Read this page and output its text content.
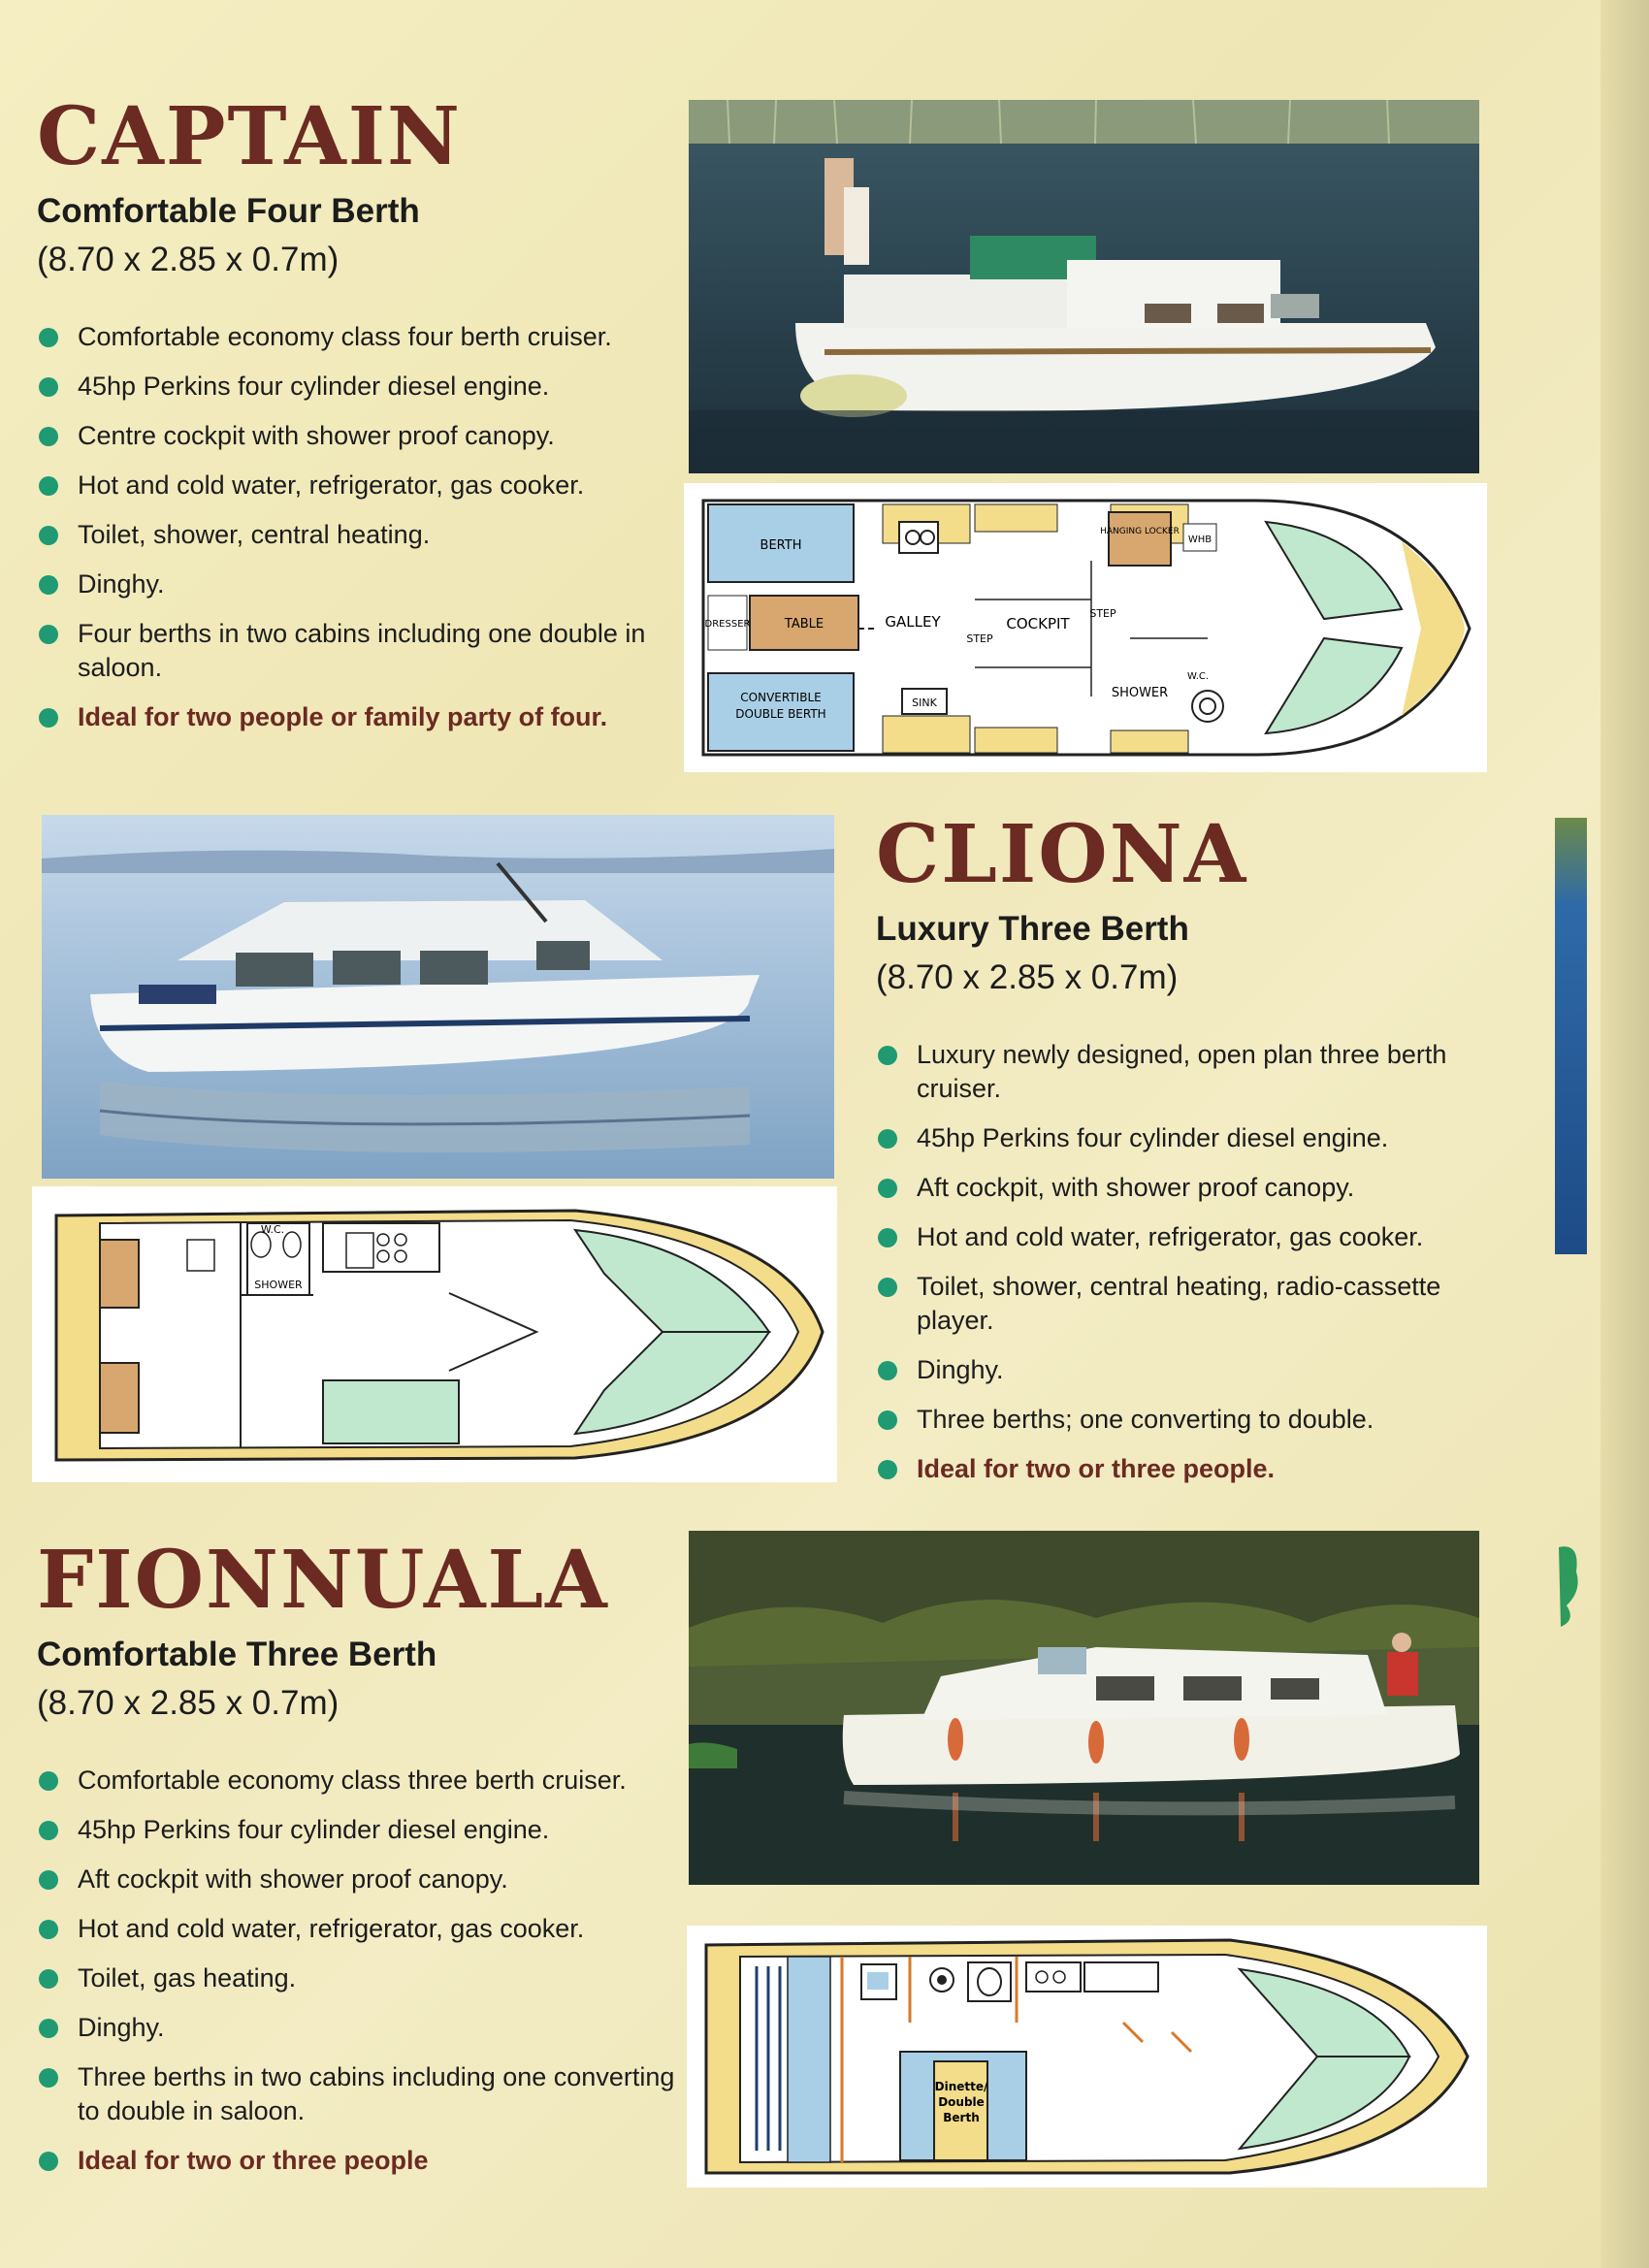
CAPTAIN

Comfortable Four Berth

(8.70 x 2.85 x 0.7m)

Comfortable economy class four berth cruiser.
45hp Perkins four cylinder diesel engine.
Centre cockpit with shower proof canopy.
Hot and cold water, refrigerator, gas cooker.
Toilet, shower, central heating.
Dinghy.
Four berths in two cabins including one double in saloon.
Ideal for two people or family party of four.
BERTH
DRESSER	TABLE	GALLEY
STEP
COCKPIT
STEP
HANGING LOCKER
WHB
CONVERTIBLE
DOUBLE BERTH
SINK
SHOWER
W.C.
W.C.
SHOWER
CLIONA

Luxury Three Berth

(8.70 x 2.85 x 0.7m)

Luxury newly designed, open plan three berth cruiser.
45hp Perkins four cylinder diesel engine.
Aft cockpit, with shower proof canopy.
Hot and cold water, refrigerator, gas cooker.
Toilet, shower, central heating, radio-cassette player.
Dinghy.
Three berths; one converting to double.
Ideal for two or three people.
FIONNUALA

Comfortable Three Berth

(8.70 x 2.85 x 0.7m)

Comfortable economy class three berth cruiser.
45hp Perkins four cylinder diesel engine.
Aft cockpit with shower proof canopy.
Hot and cold water, refrigerator, gas cooker.
Toilet, gas heating.
Dinghy.
Three berths in two cabins including one converting to double in saloon.
Ideal for two or three people
Dinette/
Double
Berth
